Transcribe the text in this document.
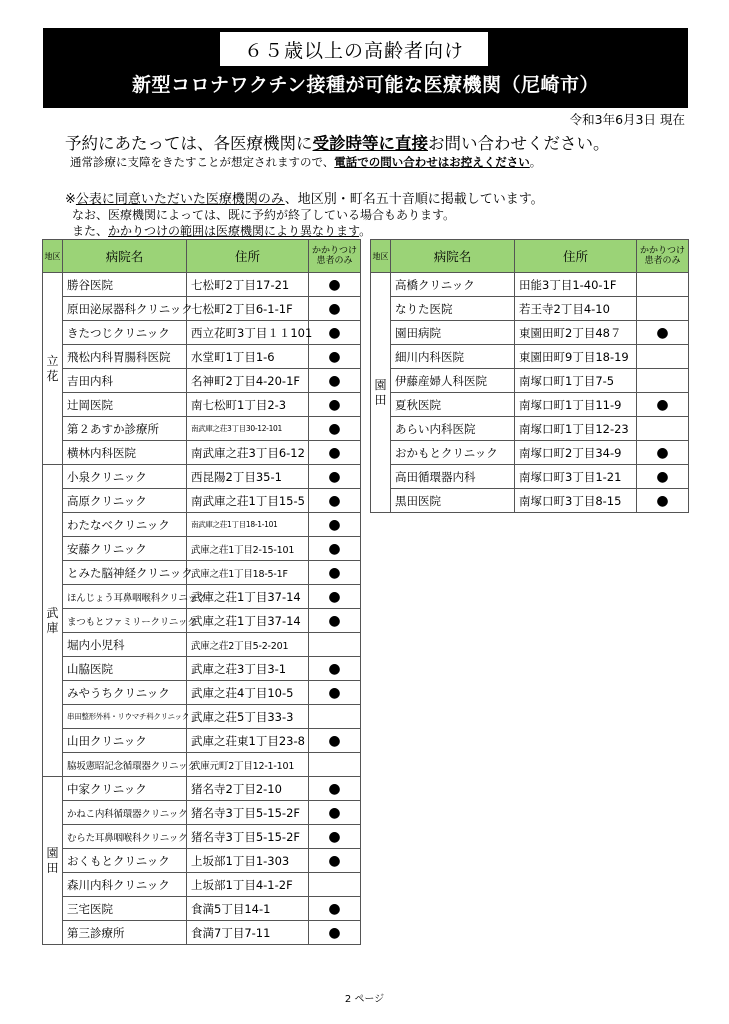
６５歳以上の高齢者向け
新型コロナワクチン接種が可能な医療機関（尼崎市）
令和3年6月3日 現在
予約にあたっては、各医療機関に受診時等に直接お問い合わせください。
通常診療に支障をきたすことが想定されますので、電話での問い合わせはお控えください。
※公表に同意いただいた医療機関のみ、地区別・町名五十音順に掲載しています。
なお、医療機関によっては、既に予約が終了している場合もあります。
また、かかりつけの範囲は医療機関により異なります。
地区	病院名	住所	かかりつけ
患者のみ
立花	勝谷医院	七松町2丁目17-21	●
	原田泌尿器科クリニック	七松町2丁目6-1-1F	●
	きたつじクリニック	西立花町3丁目１１101	●
	飛松内科胃腸科医院	水堂町1丁目1-6	●
	吉田内科	名神町2丁目4-20-1F	●
	辻岡医院	南七松町1丁目2-3	●
	第２あすか診療所	南武庫之荘3丁目30-12-101	●
	横林内科医院	南武庫之荘3丁目6-12	●
武庫	小泉クリニック	西昆陽2丁目35-1	●
	高原クリニック	南武庫之荘1丁目15-5	●
	わたなべクリニック	南武庫之荘1丁目18-1-101	●
	安藤クリニック	武庫之荘1丁目2-15-101	●
	とみた脳神経クリニック	武庫之荘1丁目18-5-1F	●
	ほんじょう耳鼻咽喉科クリニック	武庫之荘1丁目37-14	●
	まつもとファミリークリニック	武庫之荘1丁目37-14	●
	堀内小児科	武庫之荘2丁目5-2-201	
	山脇医院	武庫之荘3丁目3-1	●
	みやうちクリニック	武庫之荘4丁目10-5	●
	串田整形外科・リウマチ科クリニック	武庫之荘5丁目33-3	
	山田クリニック	武庫之荘東1丁目23-8	●
	脇坂憲昭記念循環器クリニック	武庫元町2丁目12-1-101	
園田	中家クリニック	猪名寺2丁目2-10	●
	かねこ内科循環器クリニック	猪名寺3丁目5-15-2F	●
	むらた耳鼻咽喉科クリニック	猪名寺3丁目5-15-2F	●
	おくもとクリニック	上坂部1丁目1-303	●
	森川内科クリニック	上坂部1丁目4-1-2F	
	三宅医院	食満5丁目14-1	●
	第三診療所	食満7丁目7-11	●
地区	病院名	住所	かかりつけ
患者のみ
園田	高橋クリニック	田能3丁目1-40-1F	
	なりた医院	若王寺2丁目4-10	
	園田病院	東園田町2丁目48７	●
	細川内科医院	東園田町9丁目18-19	
	伊藤産婦人科医院	南塚口町1丁目7-5	
	夏秋医院	南塚口町1丁目11-9	●
	あらい内科医院	南塚口町1丁目12-23	
	おかもとクリニック	南塚口町2丁目34-9	●
	高田循環器内科	南塚口町3丁目1-21	●
	黒田医院	南塚口町3丁目8-15	●
2 ページ
